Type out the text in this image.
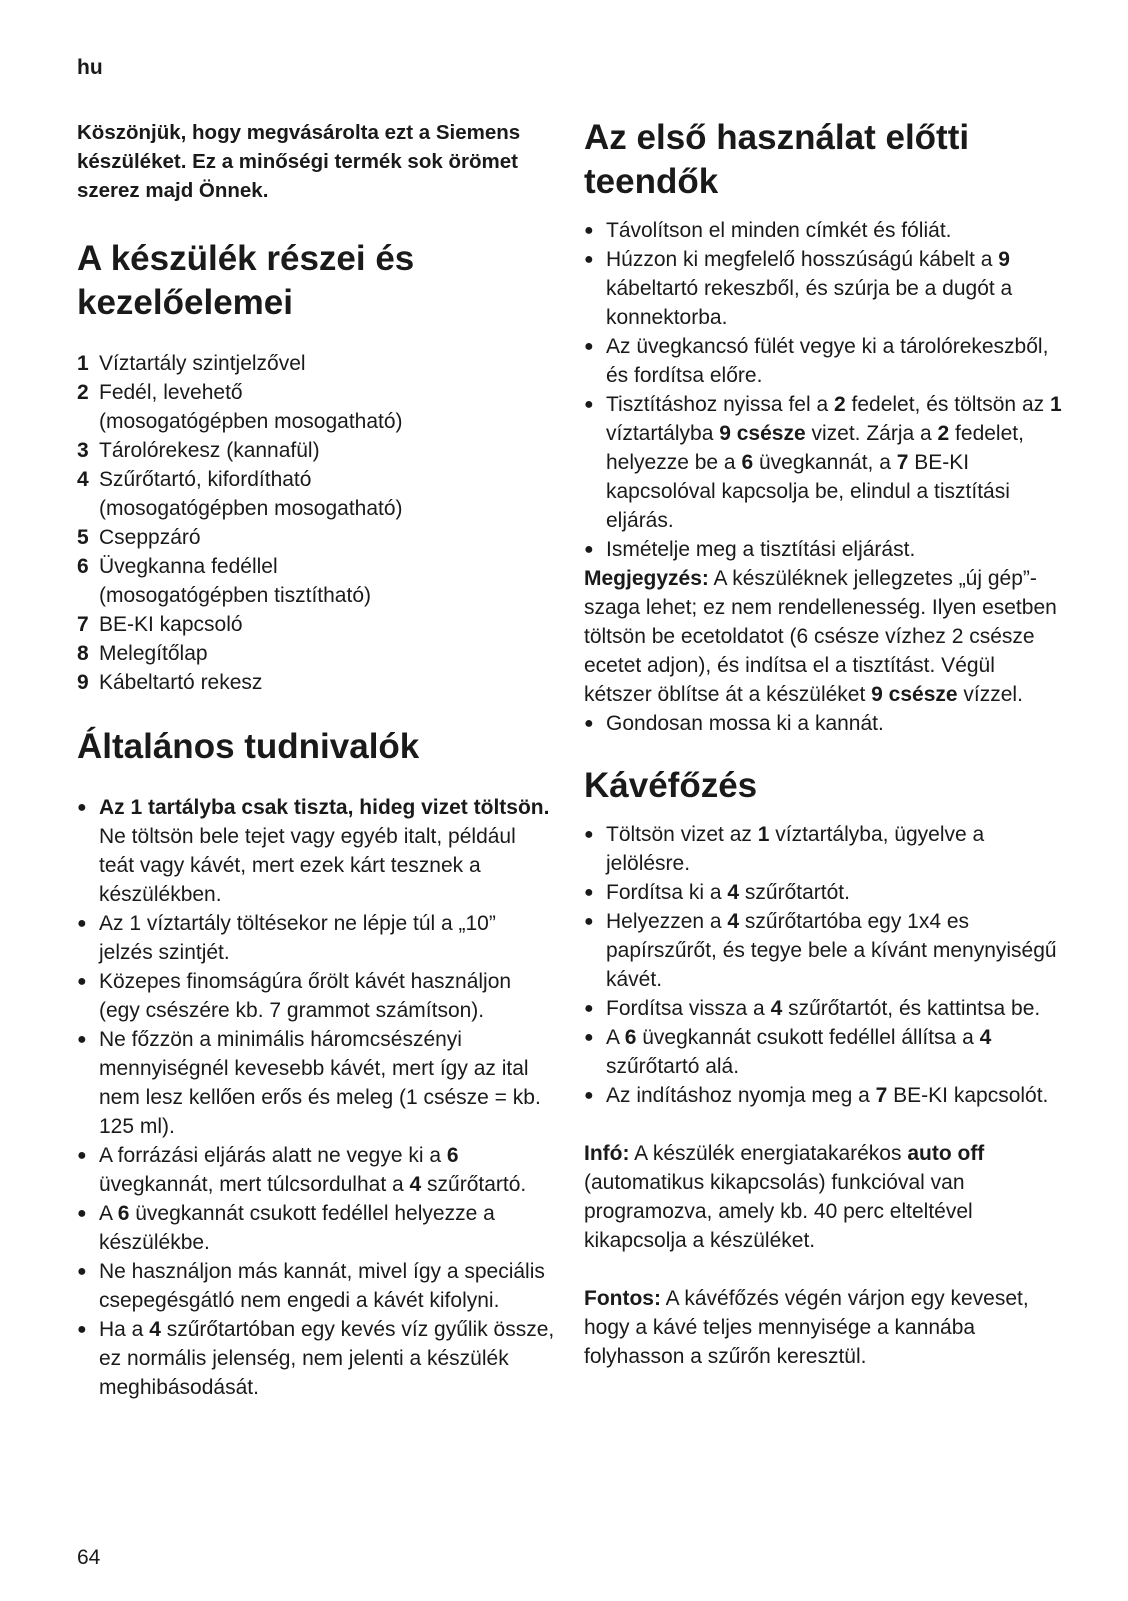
hu

Köszönjük, hogy megvásárolta ezt a Siemens készüléket. Ez a minőségi termék sok örömet szerez majd Önnek.

A készülék részei és kezelőelemei
1 Víztartály szintjelzővel
2 Fedél, levehető
(mosogatógépben mosogatható)
3 Tárolórekesz (kannafül)
4 Szűrőtartó, kifordítható
(mosogatógépben mosogatható)
5 Cseppzáró
6 Üvegkanna fedéllel
(mosogatógépben tisztítható)
7 BE-KI kapcsoló
8 Melegítőlap
9 Kábeltartó rekesz
Általános tudnivalók
● Az 1 tartályba csak tiszta, hideg vizet töltsön. Ne töltsön bele tejet vagy egyéb italt, például teát vagy kávét, mert ezek kárt tesznek a készülékben.
● Az 1 víztartály töltésekor ne lépje túl a „10” jelzés szintjét.
● Közepes finomságúra őrölt kávét használjon (egy csészére kb. 7 grammot számítson).
● Ne főzzön a minimális háromcsészényi mennyiségnél kevesebb kávét, mert így az ital nem lesz kellően erős és meleg (1 csésze = kb. 125 ml).
● A forrázási eljárás alatt ne vegye ki a 6 üvegkannát, mert túlcsordulhat a 4 szűrőtartó.
● A 6 üvegkannát csukott fedéllel helyezze a készülékbe.
● Ne használjon más kannát, mivel így a speciális csepegésgátló nem engedi a kávét kifolyni.
● Ha a 4 szűrőtartóban egy kevés víz gyűlik össze, ez normális jelenség, nem jelenti a készülék meghibásodását.
Az első használat előtti teendők
● Távolítson el minden címkét és fóliát.
● Húzzon ki megfelelő hosszúságú kábelt a 9 kábeltartó rekeszből, és szúrja be a dugót a konnektorba.
● Az üvegkancsó fülét vegye ki a tárolórekeszből, és fordítsa előre.
● Tisztításhoz nyissa fel a 2 fedelet, és töltsön az 1 víztartályba 9 csésze vizet. Zárja a 2 fedelet, helyezze be a 6 üvegkannát, a 7 BE-KI kapcsolóval kapcsolja be, elindul a tisztítási eljárás.
● Ismételje meg a tisztítási eljárást.

Megjegyzés: A készüléknek jellegzetes „új gép”-szaga lehet; ez nem rendellenesség. Ilyen esetben töltsön be ecetoldatot (6 csésze vízhez 2 csésze ecetet adjon), és indítsa el a tisztítást. Végül kétszer öblítse át a készüléket 9 csésze vízzel.

● Gondosan mossa ki a kannát.
Kávéfőzés
● Töltsön vizet az 1 víztartályba, ügyelve a jelölésre.
● Fordítsa ki a 4 szűrőtartót.
● Helyezzen a 4 szűrőtartóba egy 1x4 es papírszűrőt, és tegye bele a kívánt menynyiségű kávét.
● Fordítsa vissza a 4 szűrőtartót, és kattintsa be.
● A 6 üvegkannát csukott fedéllel állítsa a 4 szűrőtartó alá.
● Az indításhoz nyomja meg a 7 BE-KI kapcsolót.

Infó: A készülék energiatakarékos auto off (automatikus kikapcsolás) funkcióval van programozva, amely kb. 40 perc elteltével kikapcsolja a készüléket.

Fontos: A kávéfőzés végén várjon egy keveset, hogy a kávé teljes mennyisége a kannába folyhasson a szűrőn keresztül.

64
